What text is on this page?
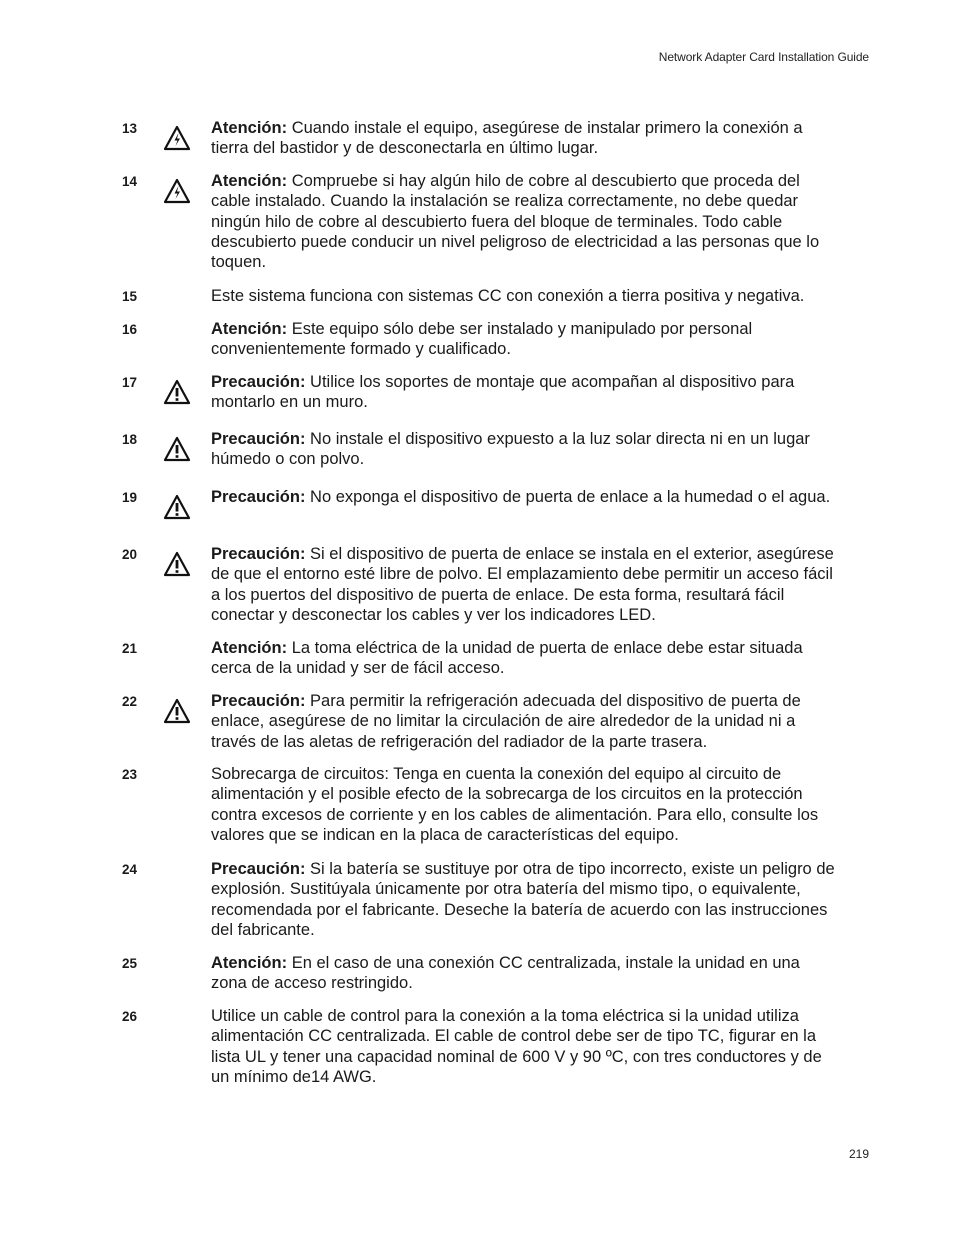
Network Adapter Card Installation Guide
13	Atención: Cuando instale el equipo, asegúrese de instalar primero la conexión a
tierra del bastidor y de desconectarla en último lugar.
14	Atención: Compruebe si hay algún hilo de cobre al descubierto que proceda del
cable instalado. Cuando la instalación se realiza correctamente, no debe quedar
ningún hilo de cobre al descubierto fuera del bloque de terminales. Todo cable
descubierto puede conducir un nivel peligroso de electricidad a las personas que lo
toquen.
15	Este sistema funciona con sistemas CC con conexión a tierra positiva y negativa.
16	Atención: Este equipo sólo debe ser instalado y manipulado por personal
convenientemente formado y cualificado.
17	Precaución: Utilice los soportes de montaje que acompañan al dispositivo para
montarlo en un muro.
18	Precaución: No instale el dispositivo expuesto a la luz solar directa ni en un lugar
húmedo o con polvo.
19	Precaución: No exponga el dispositivo de puerta de enlace a la humedad o el agua.
20	Precaución: Si el dispositivo de puerta de enlace se instala en el exterior, asegúrese
de que el entorno esté libre de polvo. El emplazamiento debe permitir un acceso fácil
a los puertos del dispositivo de puerta de enlace. De esta forma, resultará fácil
conectar y desconectar los cables y ver los indicadores LED.
21	Atención: La toma eléctrica de la unidad de puerta de enlace debe estar situada
cerca de la unidad y ser de fácil acceso.
22	Precaución: Para permitir la refrigeración adecuada del dispositivo de puerta de
enlace, asegúrese de no limitar la circulación de aire alrededor de la unidad ni a
través de las aletas de refrigeración del radiador de la parte trasera.
23	Sobrecarga de circuitos: Tenga en cuenta la conexión del equipo al circuito de
alimentación y el posible efecto de la sobrecarga de los circuitos en la protección
contra excesos de corriente y en los cables de alimentación. Para ello, consulte los
valores que se indican en la placa de características del equipo.
24	Precaución: Si la batería se sustituye por otra de tipo incorrecto, existe un peligro de
explosión. Sustitúyala únicamente por otra batería del mismo tipo, o equivalente,
recomendada por el fabricante. Deseche la batería de acuerdo con las instrucciones
del fabricante.
25	Atención: En el caso de una conexión CC centralizada, instale la unidad en una
zona de acceso restringido.
26	Utilice un cable de control para la conexión a la toma eléctrica si la unidad utiliza
alimentación CC centralizada. El cable de control debe ser de tipo TC, figurar en la
lista UL y tener una capacidad nominal de 600 V y 90 ºC, con tres conductores y de
un mínimo de14 AWG.
219
